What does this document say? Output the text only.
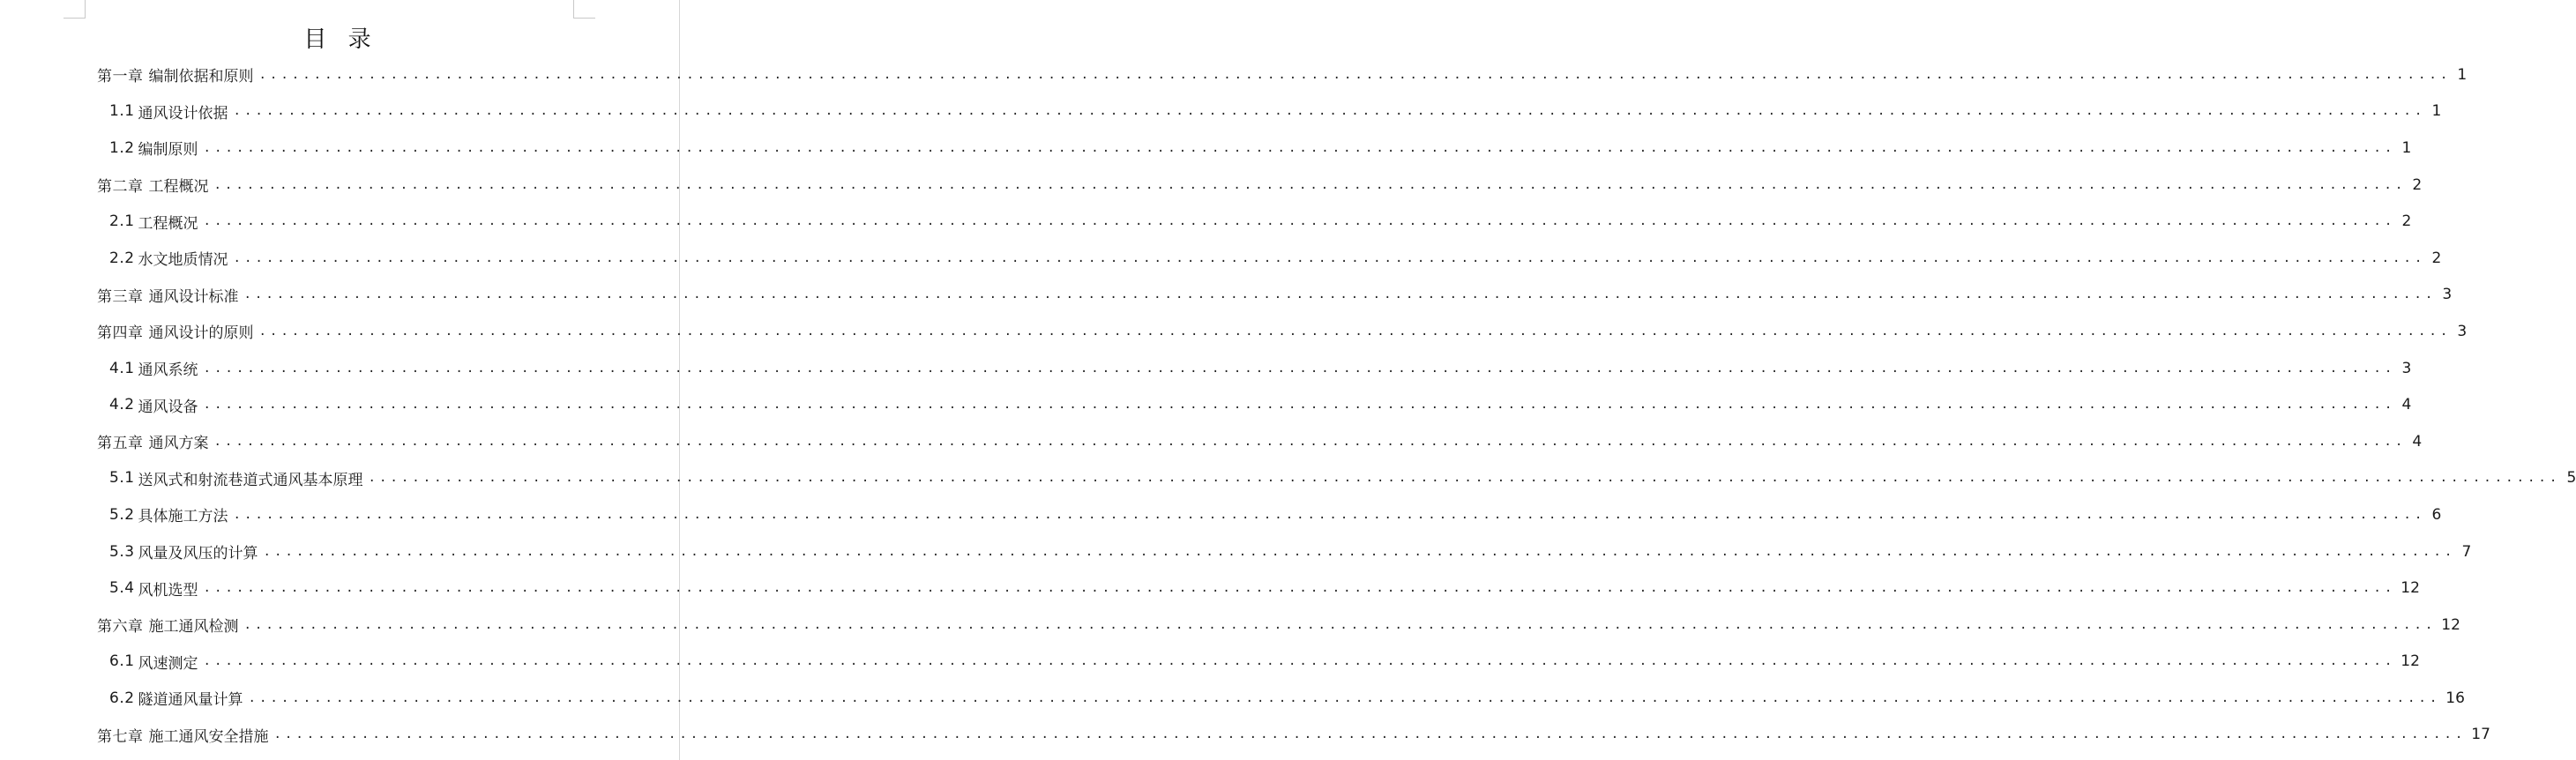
目 录
第一章 编制依据和原则 ........................................................................................................................................................................................................ 1
1.1 通风设计依据 ........................................................................................................................................................................................................ 1
1.2 编制原则 ........................................................................................................................................................................................................ 1
第二章 工程概况 ........................................................................................................................................................................................................ 2
2.1 工程概况 ........................................................................................................................................................................................................ 2
2.2 水文地质情况 ........................................................................................................................................................................................................ 2
第三章 通风设计标准 ........................................................................................................................................................................................................ 3
第四章 通风设计的原则 ........................................................................................................................................................................................................ 3
4.1 通风系统 ........................................................................................................................................................................................................ 3
4.2 通风设备 ........................................................................................................................................................................................................ 4
第五章 通风方案 ........................................................................................................................................................................................................ 4
5.1 送风式和射流巷道式通风基本原理 ........................................................................................................................................................................................................ 5
5.2 具体施工方法 ........................................................................................................................................................................................................ 6
5.3 风量及风压的计算 ........................................................................................................................................................................................................ 7
5.4 风机选型 ........................................................................................................................................................................................................ 12
第六章 施工通风检测 ........................................................................................................................................................................................................ 12
6.1 风速测定 ........................................................................................................................................................................................................ 12
6.2 隧道通风量计算 ........................................................................................................................................................................................................ 16
第七章 施工通风安全措施 ........................................................................................................................................................................................................ 17
